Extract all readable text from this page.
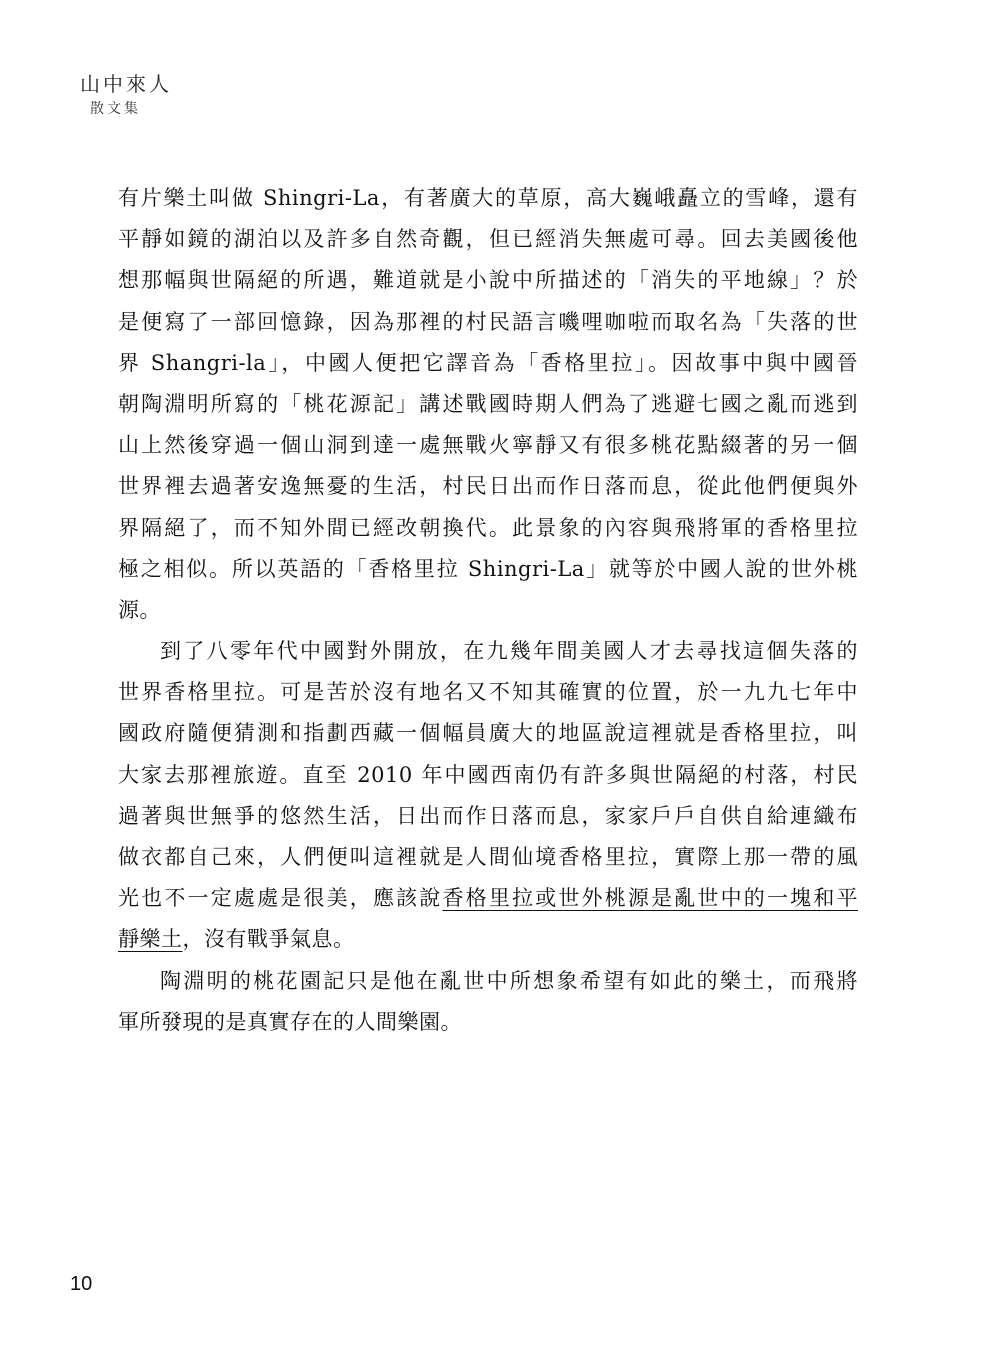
山中來人
散文集
有片樂土叫做 Shingri-La，有著廣大的草原，高大巍峨矗立的雪峰，還有
平靜如鏡的湖泊以及許多自然奇觀，但已經消失無處可尋。回去美國後他
想那幅與世隔絕的所遇，難道就是小說中所描述的「消失的平地線」？於
是便寫了一部回憶錄，因為那裡的村民語言嘰哩咖啦而取名為「失落的世
界 Shangri-la」，中國人便把它譯音為「香格里拉」。因故事中與中國晉
朝陶淵明所寫的「桃花源記」講述戰國時期人們為了逃避七國之亂而逃到
山上然後穿過一個山洞到達一處無戰火寧靜又有很多桃花點綴著的另一個
世界裡去過著安逸無憂的生活，村民日出而作日落而息，從此他們便與外
界隔絕了，而不知外間已經改朝換代。此景象的內容與飛將軍的香格里拉
極之相似。所以英語的「香格里拉 Shingri-La」就等於中國人說的世外桃
源。
到了八零年代中國對外開放，在九幾年間美國人才去尋找這個失落的
世界香格里拉。可是苦於沒有地名又不知其確實的位置，於一九九七年中
國政府隨便猜測和指劃西藏一個幅員廣大的地區說這裡就是香格里拉，叫
大家去那裡旅遊。直至 2010 年中國西南仍有許多與世隔絕的村落，村民
過著與世無爭的悠然生活，日出而作日落而息，家家戶戶自供自給連織布
做衣都自己來，人們便叫這裡就是人間仙境香格里拉，實際上那一帶的風
光也不一定處處是很美，應該說香格里拉或世外桃源是亂世中的一塊和平
靜樂土，沒有戰爭氣息。
陶淵明的桃花園記只是他在亂世中所想象希望有如此的樂土，而飛將
軍所發現的是真實存在的人間樂園。
10
